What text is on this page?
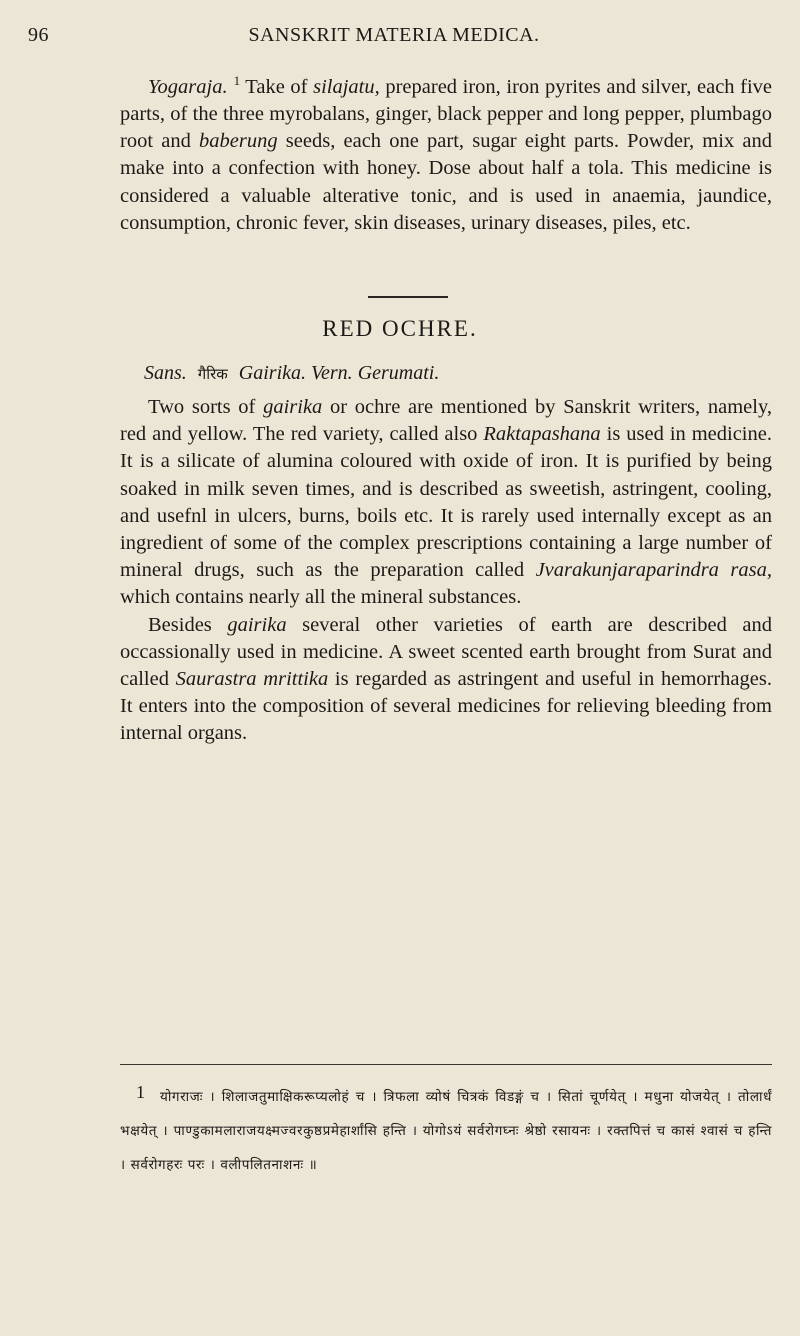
96	SANSKRIT MATERIA MEDICA.

Yogaraja. $^1$ Take of silajatu, prepared iron, iron pyrites and silver, each five parts, of the three myrobalans, ginger, black pepper and long pepper, plumbago root and baberung seeds, each one part, sugar eight parts. Powder, mix and make into a confection with honey. Dose about half a tola. This medicine is considered a valuable alterative tonic, and is used in anaemia, jaundice, consumption, chronic fever, skin diseases, urinary diseases, piles, etc.

RED OCHRE.
Sans. गैरिक Gairika. Vern. Gerumati.

Two sorts of gairika or ochre are mentioned by Sanskrit writers, namely, red and yellow. The red variety, called also Raktapashana is used in medicine. It is a silicate of alumina coloured with oxide of iron. It is purified by being soaked in milk seven times, and is described as sweetish, astringent, cooling, and usefnl in ulcers, burns, boils etc. It is rarely used internally except as an ingredient of some of the complex prescriptions containing a large number of mineral drugs, such as the preparation called Jvarakunjaraparindra rasa, which contains nearly all the mineral substances.

Besides gairika several other varieties of earth are described and occassionally used in medicine. A sweet scented earth brought from Surat and called Saurastra mrittika is regarded as astringent and useful in hemorrhages. It enters into the composition of several medicines for relieving bleeding from internal organs.

1	योगराजः । शिलाजतुमाक्षिकरूप्यलोहं च । त्रिफला व्योषं चित्रकं विडङ्गं च । सितां चूर्णयेत् । मधुना योजयेत् । तोलार्धं भक्षयेत् । पाण्डुकामलाराजयक्ष्मज्वरकुष्ठप्रमेहार्शांसि हन्ति । योगोऽयं सर्वरोगघ्नः श्रेष्ठो रसायनः । रक्तपित्तं च कासं श्वासं च हन्ति । सर्वरोगहरः परः । वलीपलितनाशनः ॥
